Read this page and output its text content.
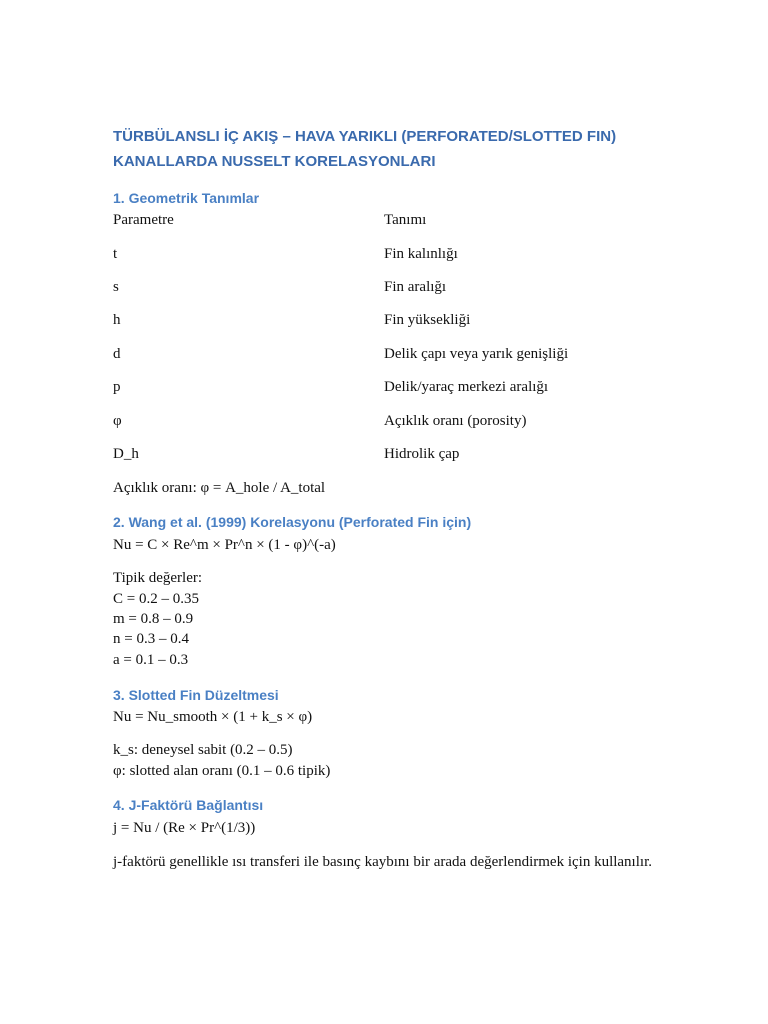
TÜRBÜLANSLI İÇ AKIŞ – HAVA YARIKLI (PERFORATED/SLOTTED FIN)
KANALLARDA NUSSELT KORELASYONLARI
1. Geometrik Tanımlar
Parametre	Tanımı
t	Fin kalınlığı
s	Fin aralığı
h	Fin yüksekliği
d	Delik çapı veya yarık genişliği
p	Delik/yaraç merkezi aralığı
φ	Açıklık oranı (porosity)
D_h	Hidrolik çap
Açıklık oranı: φ = A_hole / A_total
2. Wang et al. (1999) Korelasyonu (Perforated Fin için)
Nu = C × Re^m × Pr^n × (1 - φ)^(-a)
Tipik değerler:
C = 0.2 – 0.35
m = 0.8 – 0.9
n = 0.3 – 0.4
a = 0.1 – 0.3
3. Slotted Fin Düzeltmesi
Nu = Nu_smooth × (1 + k_s × φ)
k_s: deneysel sabit (0.2 – 0.5)
φ: slotted alan oranı (0.1 – 0.6 tipik)
4. J-Faktörü Bağlantısı
j = Nu / (Re × Pr^(1/3))
j-faktörü genellikle ısı transferi ile basınç kaybını bir arada değerlendirmek için kullanılır.
